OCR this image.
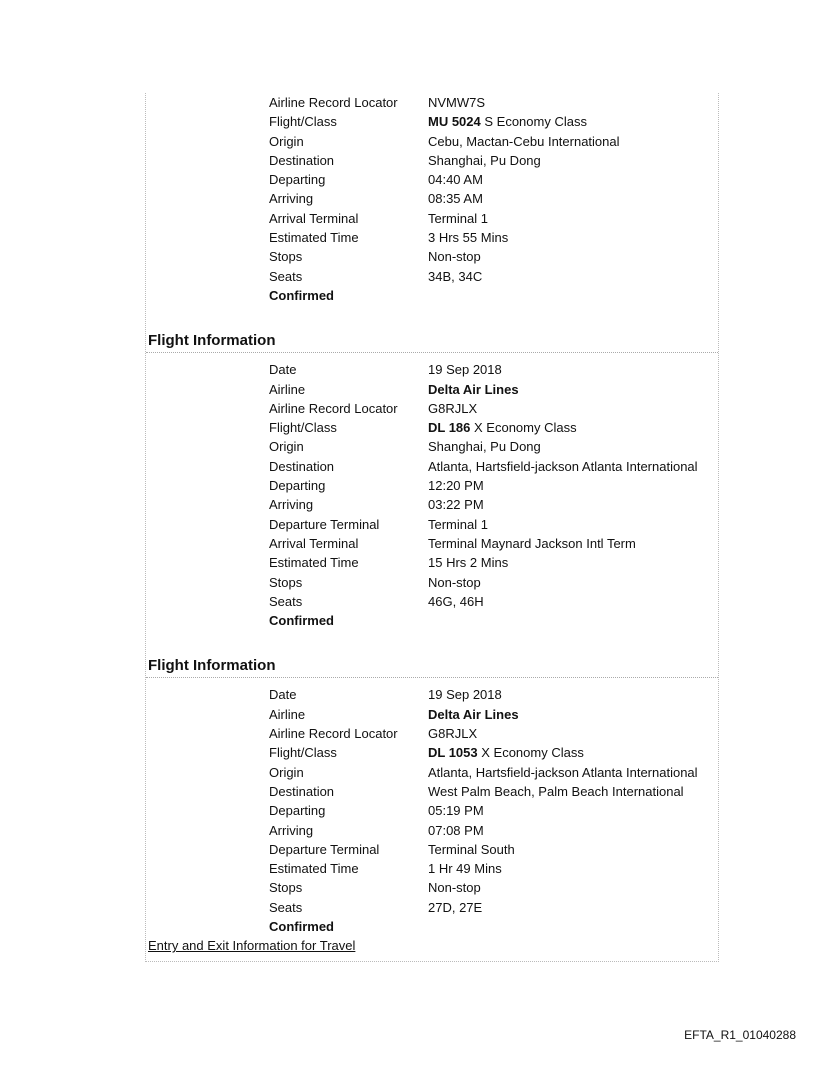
Airline Record Locator	NVMW7S
Flight/Class	MU 5024 S Economy Class
Origin	Cebu, Mactan-Cebu International
Destination	Shanghai, Pu Dong
Departing	04:40 AM
Arriving	08:35 AM
Arrival Terminal	Terminal 1
Estimated Time	3 Hrs 55 Mins
Stops	Non-stop
Seats	34B, 34C
Confirmed
Flight Information
Date	19 Sep 2018
Airline	Delta Air Lines
Airline Record Locator	G8RJLX
Flight/Class	DL 186 X Economy Class
Origin	Shanghai, Pu Dong
Destination	Atlanta, Hartsfield-jackson Atlanta International
Departing	12:20 PM
Arriving	03:22 PM
Departure Terminal	Terminal 1
Arrival Terminal	Terminal Maynard Jackson Intl Term
Estimated Time	15 Hrs 2 Mins
Stops	Non-stop
Seats	46G, 46H
Confirmed
Flight Information
Date	19 Sep 2018
Airline	Delta Air Lines
Airline Record Locator	G8RJLX
Flight/Class	DL 1053 X Economy Class
Origin	Atlanta, Hartsfield-jackson Atlanta International
Destination	West Palm Beach, Palm Beach International
Departing	05:19 PM
Arriving	07:08 PM
Departure Terminal	Terminal South
Estimated Time	1 Hr 49 Mins
Stops	Non-stop
Seats	27D, 27E
Confirmed
Entry and Exit Information for Travel
EFTA_R1_01040288
